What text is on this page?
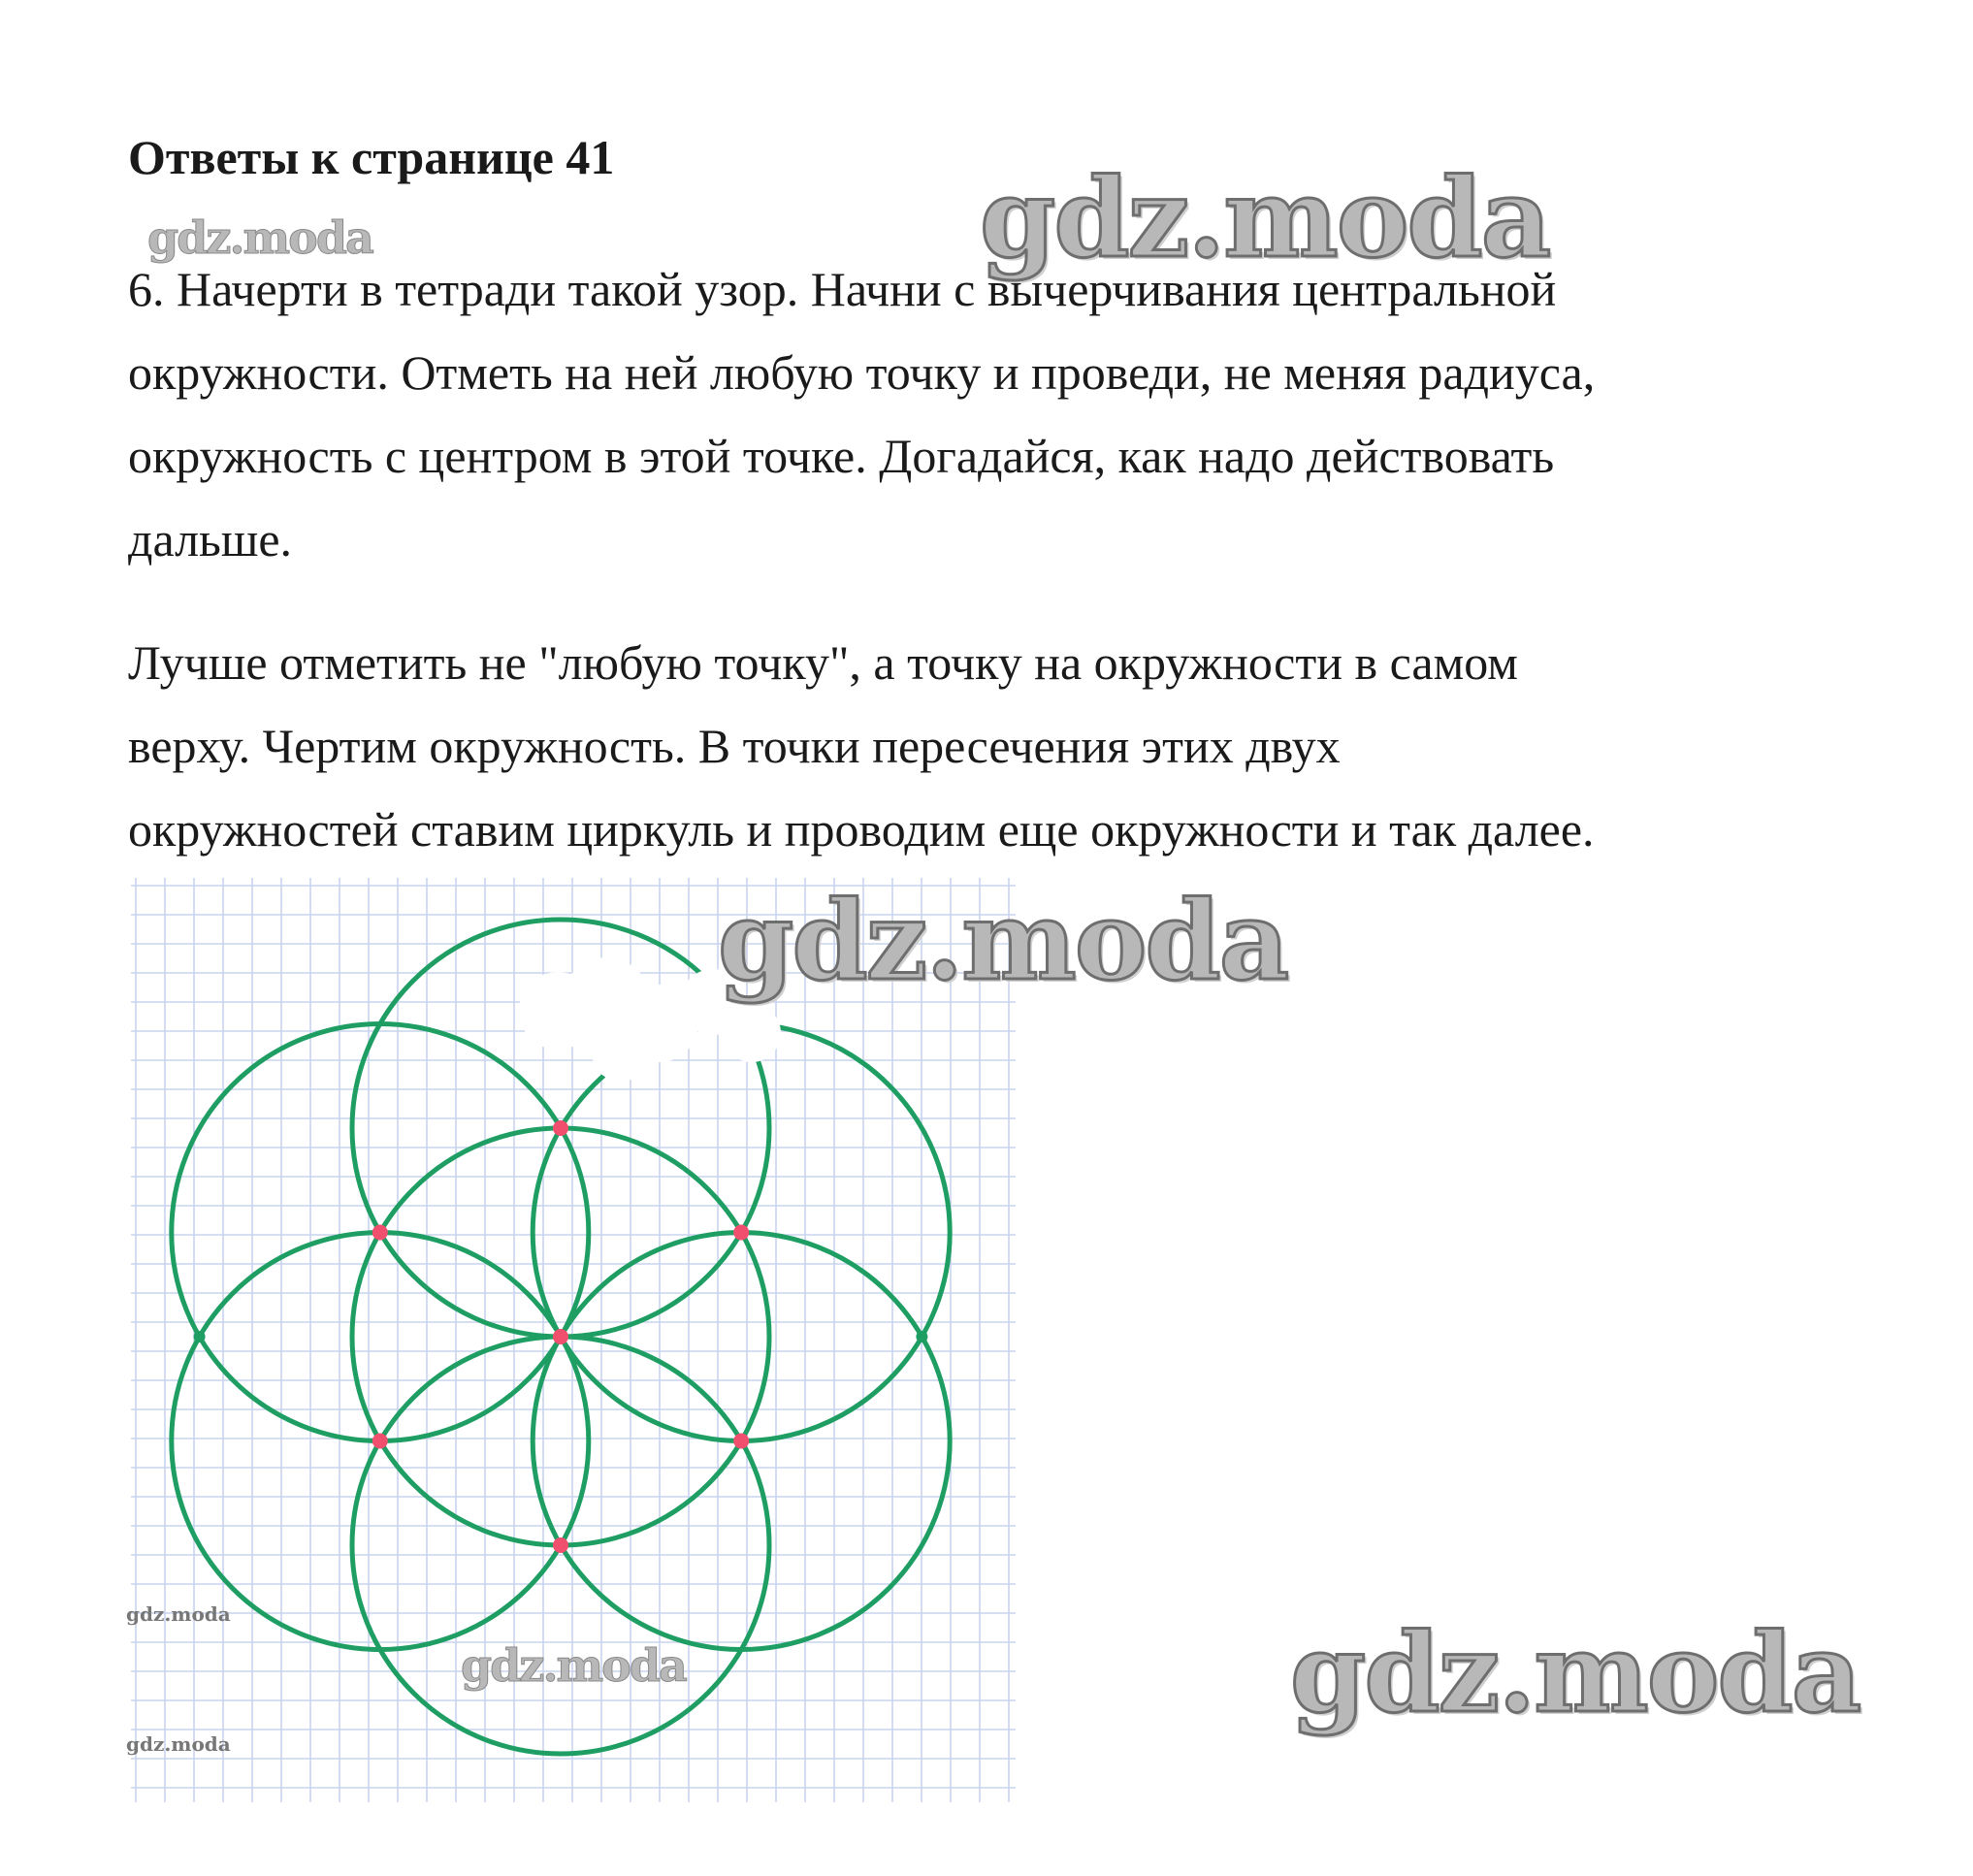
Ответы к странице 41	gdz.moda
gdz.moda
6. Начерти в тетради такой узор. Начни с вычерчивания центральной
окружности. Отметь на ней любую точку и проведи, не меняя радиуса,
окружность с центром в этой точке. Догадайся, как надо действовать
дальше.
Лучше отметить не "любую точку", а точку на окружности в самом
верху. Чертим окружность. В точки пересечения этих двух
окружностей ставим циркуль и проводим еще окружности и так далее.
gdz.moda
gdz.moda
gdz.moda
gdz.moda
gdz.moda
